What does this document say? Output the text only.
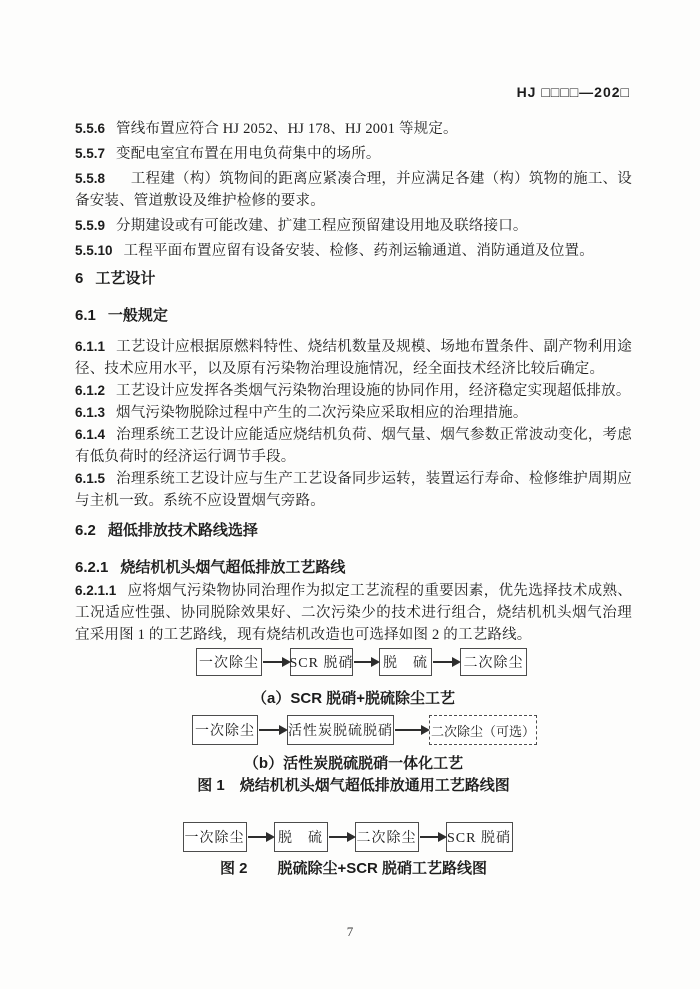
HJ □□□□—202□

5.5.6 管线布置应符合 HJ 2052、HJ 178、HJ 2001 等规定。

5.5.7 变配电室宜布置在用电负荷集中的场所。

5.5.8　工程建（构）筑物间的距离应紧凑合理，并应满足各建（构）筑物的施工、设备安装、管道敷设及维护检修的要求。

5.5.9 分期建设或有可能改建、扩建工程应预留建设用地及联络接口。

5.5.10 工程平面布置应留有设备安装、检修、药剂运输通道、消防通道及位置。

6 工艺设计
6.1 一般规定

6.1.1 工艺设计应根据原燃料特性、烧结机数量及规模、场地布置条件、副产物利用途径、技术应用水平，以及原有污染物治理设施情况，经全面技术经济比较后确定。

6.1.2 工艺设计应发挥各类烟气污染物治理设施的协同作用，经济稳定实现超低排放。

6.1.3 烟气污染物脱除过程中产生的二次污染应采取相应的治理措施。

6.1.4 治理系统工艺设计应能适应烧结机负荷、烟气量、烟气参数正常波动变化，考虑有低负荷时的经济运行调节手段。

6.1.5 治理系统工艺设计应与生产工艺设备同步运转，装置运行寿命、检修维护周期应与主机一致。系统不应设置烟气旁路。

6.2 超低排放技术路线选择
6.2.1 烧结机机头烟气超低排放工艺路线

6.2.1.1 应将烟气污染物协同治理作为拟定工艺流程的重要因素，优先选择技术成熟、工况适应性强、协同脱除效果好、二次污染少的技术进行组合，烧结机机头烟气治理宜采用图 1 的工艺路线，现有烧结机改造也可选择如图 2 的工艺路线。

一次除尘 SCR 脱硝 脱　硫	二次除尘
（a）SCR 脱硝+脱硫除尘工艺
一次除尘 活性炭脱硫脱硝	二次除尘（可选）
（b）活性炭脱硫脱硝一体化工艺
图 1　烧结机机头烟气超低排放通用工艺路线图
一次除尘	脱　硫	二次除尘 SCR 脱硝
图 2　　脱硫除尘+SCR 脱硝工艺路线图
7
